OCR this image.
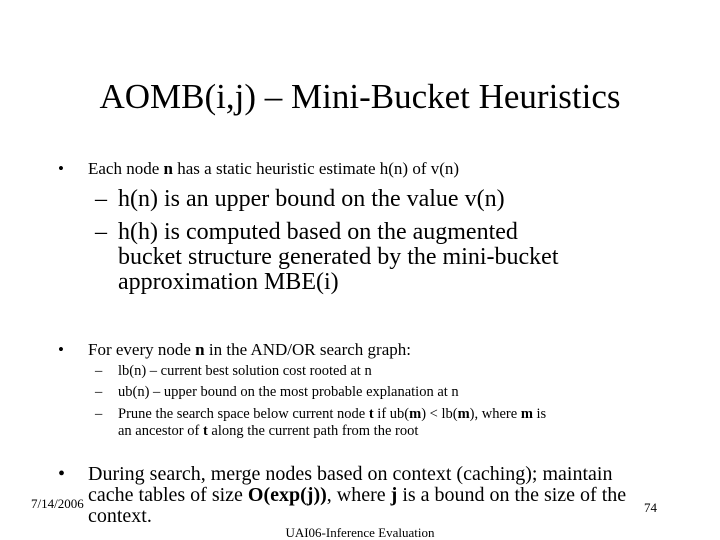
AOMB(i,j) – Mini-Bucket Heuristics
•	Each node n has a static heuristic estimate h(n) of v(n)
– h(n) is an upper bound on the value v(n)
– h(h) is computed based on the augmented
bucket structure generated by the mini-bucket
approximation MBE(i)
•	For every node n in the AND/OR search graph:
–	lb(n) – current best solution cost rooted at n
–	ub(n) – upper bound on the most probable explanation at n
–	Prune the search space below current node t if ub(m) < lb(m), where m is
an ancestor of t along the current path from the root
•	During search, merge nodes based on context (caching); maintain
cache tables of size O(exp(j)), where j is a bound on the size of the
context.
7/14/2006
UAI06-Inference Evaluation
74
